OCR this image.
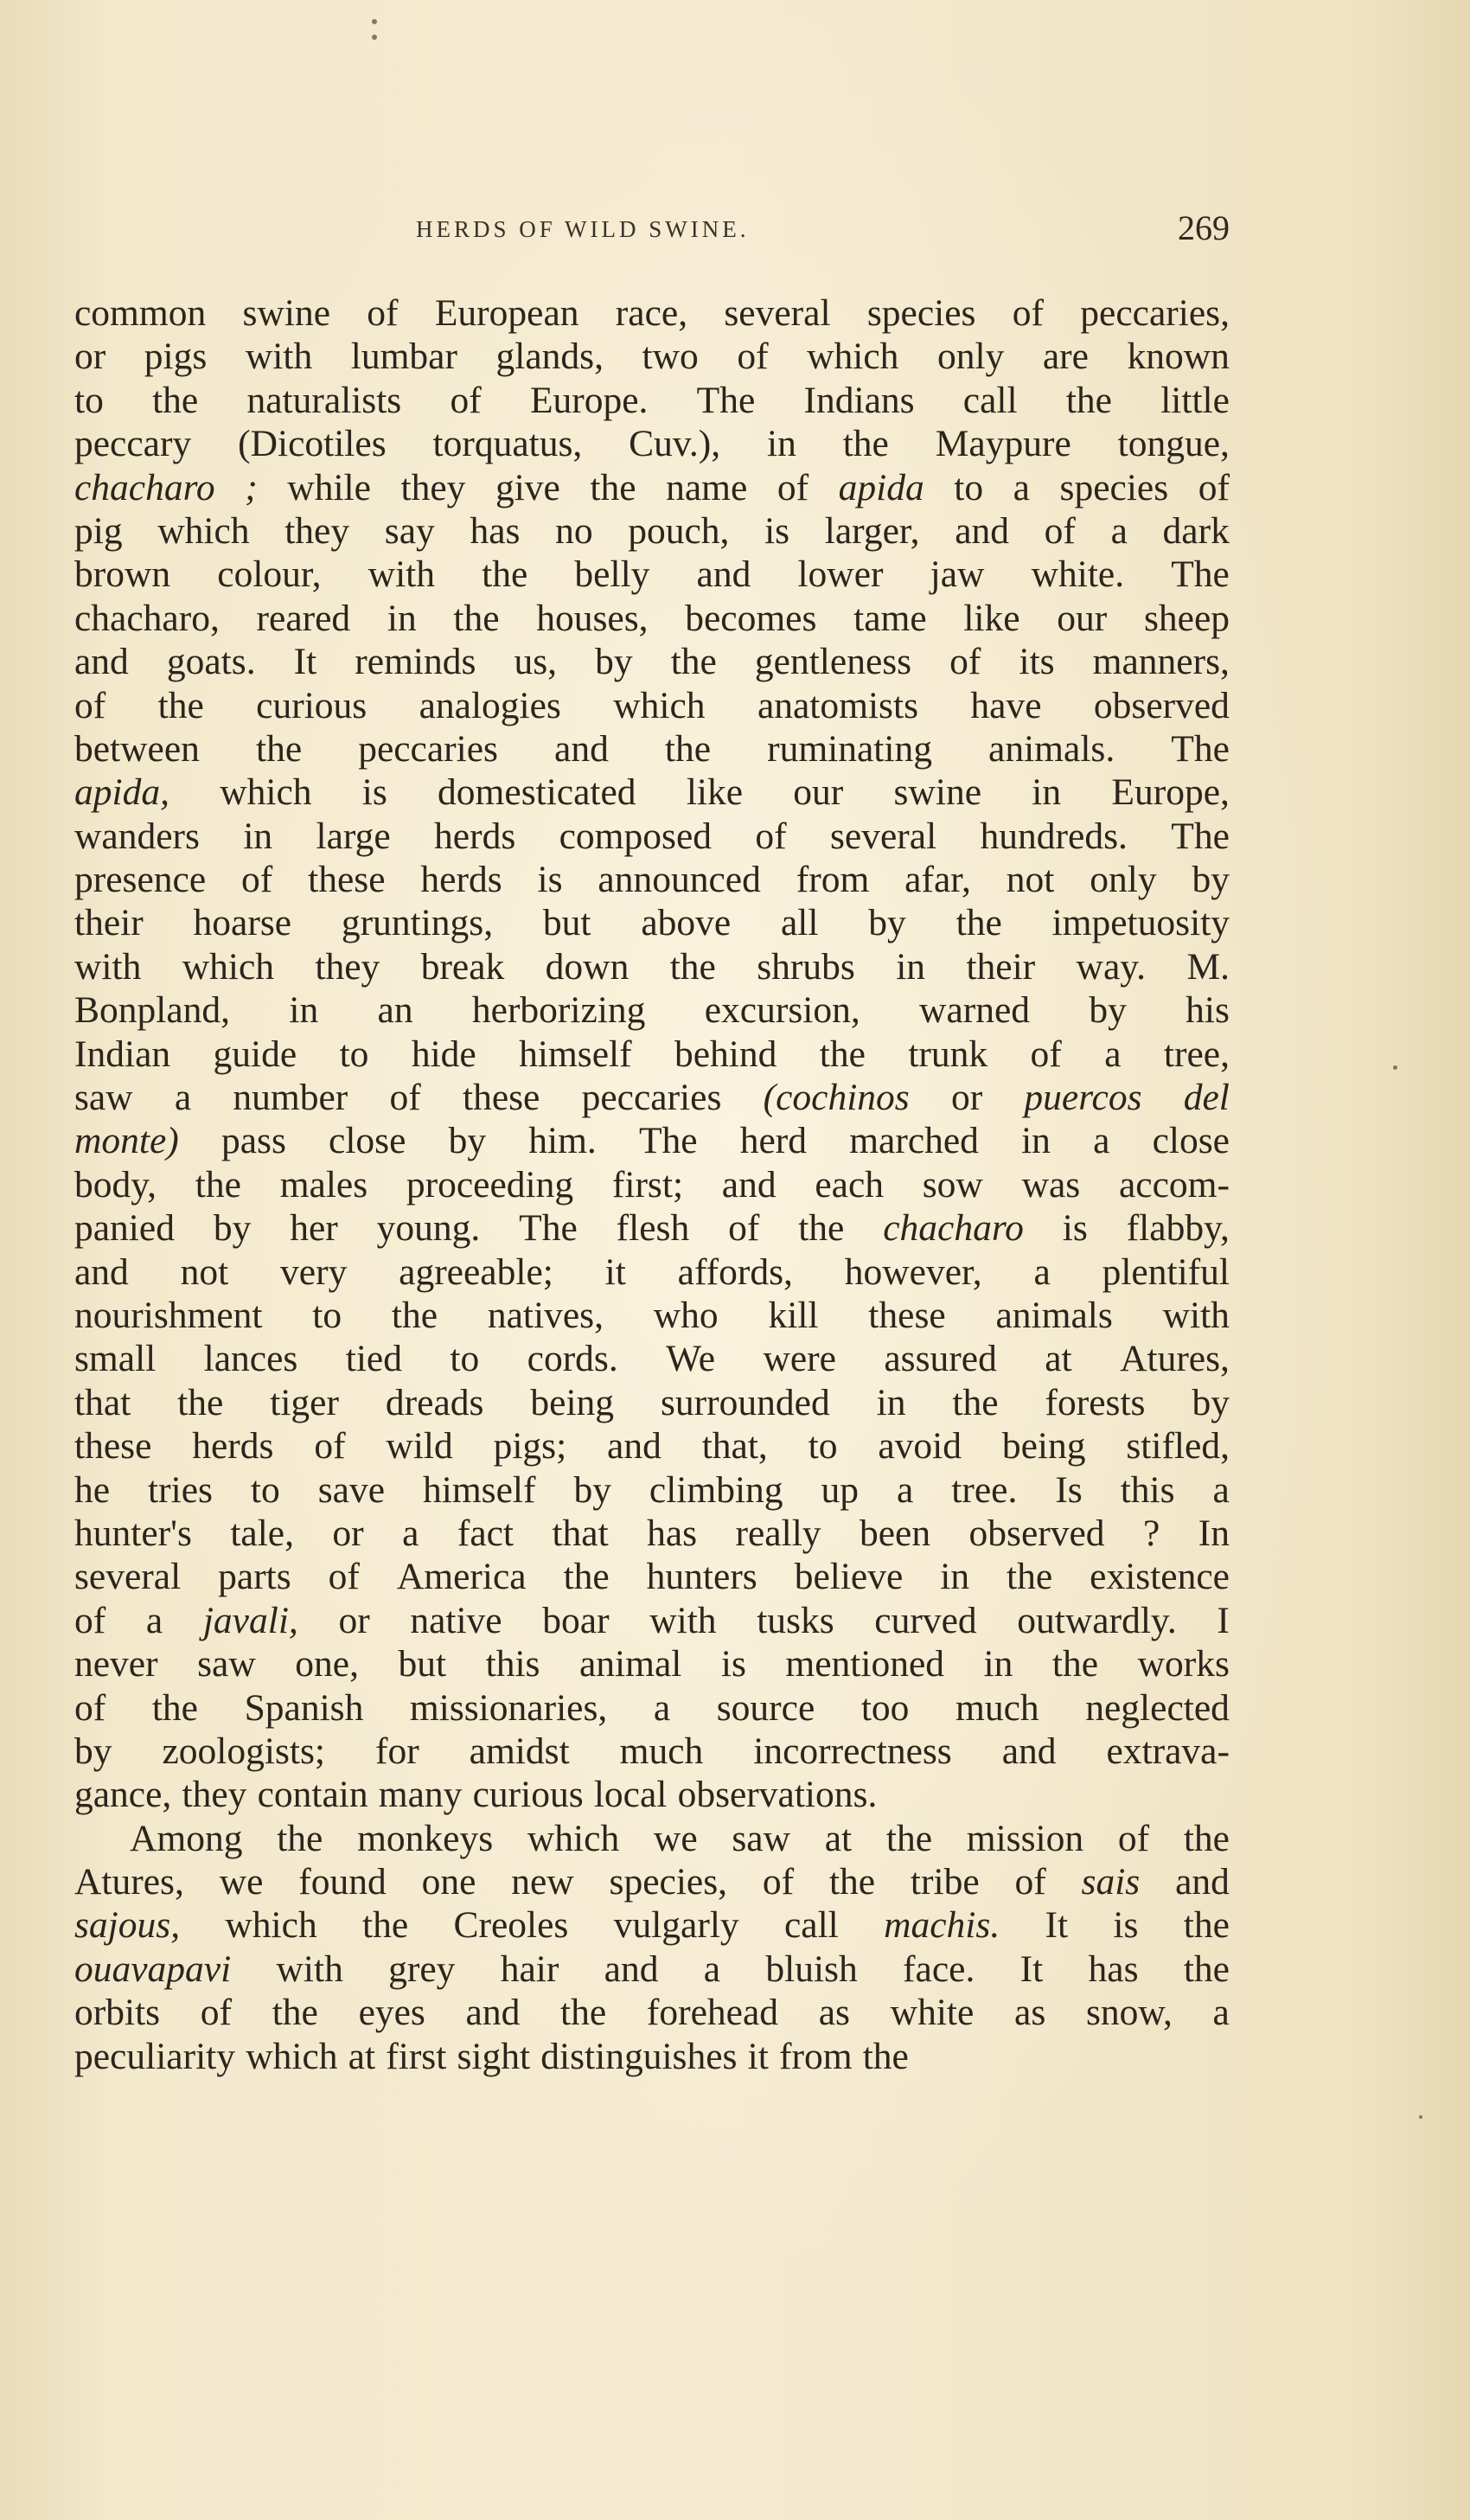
HERDS OF WILD SWINE.	269
common swine of European race, several species of peccaries,
or pigs with lumbar glands, two of which only are known
to the naturalists of Europe. The Indians call the little
peccary (Dicotiles torquatus, Cuv.), in the Maypure tongue,
chacharo ; while they give the name of apida to a species of
pig which they say has no pouch, is larger, and of a dark
brown colour, with the belly and lower jaw white. The
chacharo, reared in the houses, becomes tame like our sheep
and goats. It reminds us, by the gentleness of its manners,
of the curious analogies which anatomists have observed
between the peccaries and the ruminating animals. The
apida, which is domesticated like our swine in Europe,
wanders in large herds composed of several hundreds. The
presence of these herds is announced from afar, not only by
their hoarse gruntings, but above all by the impetuosity
with which they break down the shrubs in their way. M.
Bonpland, in an herborizing excursion, warned by his
Indian guide to hide himself behind the trunk of a tree,
saw a number of these peccaries (cochinos or puercos del
monte) pass close by him. The herd marched in a close
body, the males proceeding first; and each sow was accom-
panied by her young. The flesh of the chacharo is flabby,
and not very agreeable; it affords, however, a plentiful
nourishment to the natives, who kill these animals with
small lances tied to cords. We were assured at Atures,
that the tiger dreads being surrounded in the forests by
these herds of wild pigs; and that, to avoid being stifled,
he tries to save himself by climbing up a tree. Is this a
hunter's tale, or a fact that has really been observed ? In
several parts of America the hunters believe in the existence
of a javali, or native boar with tusks curved outwardly. I
never saw one, but this animal is mentioned in the works
of the Spanish missionaries, a source too much neglected
by zoologists; for amidst much incorrectness and extrava-
gance, they contain many curious local observations.
Among the monkeys which we saw at the mission of the
Atures, we found one new species, of the tribe of sais and
sajous, which the Creoles vulgarly call machis. It is the
ouavapavi with grey hair and a bluish face. It has the
orbits of the eyes and the forehead as white as snow, a
peculiarity which at first sight distinguishes it from the
